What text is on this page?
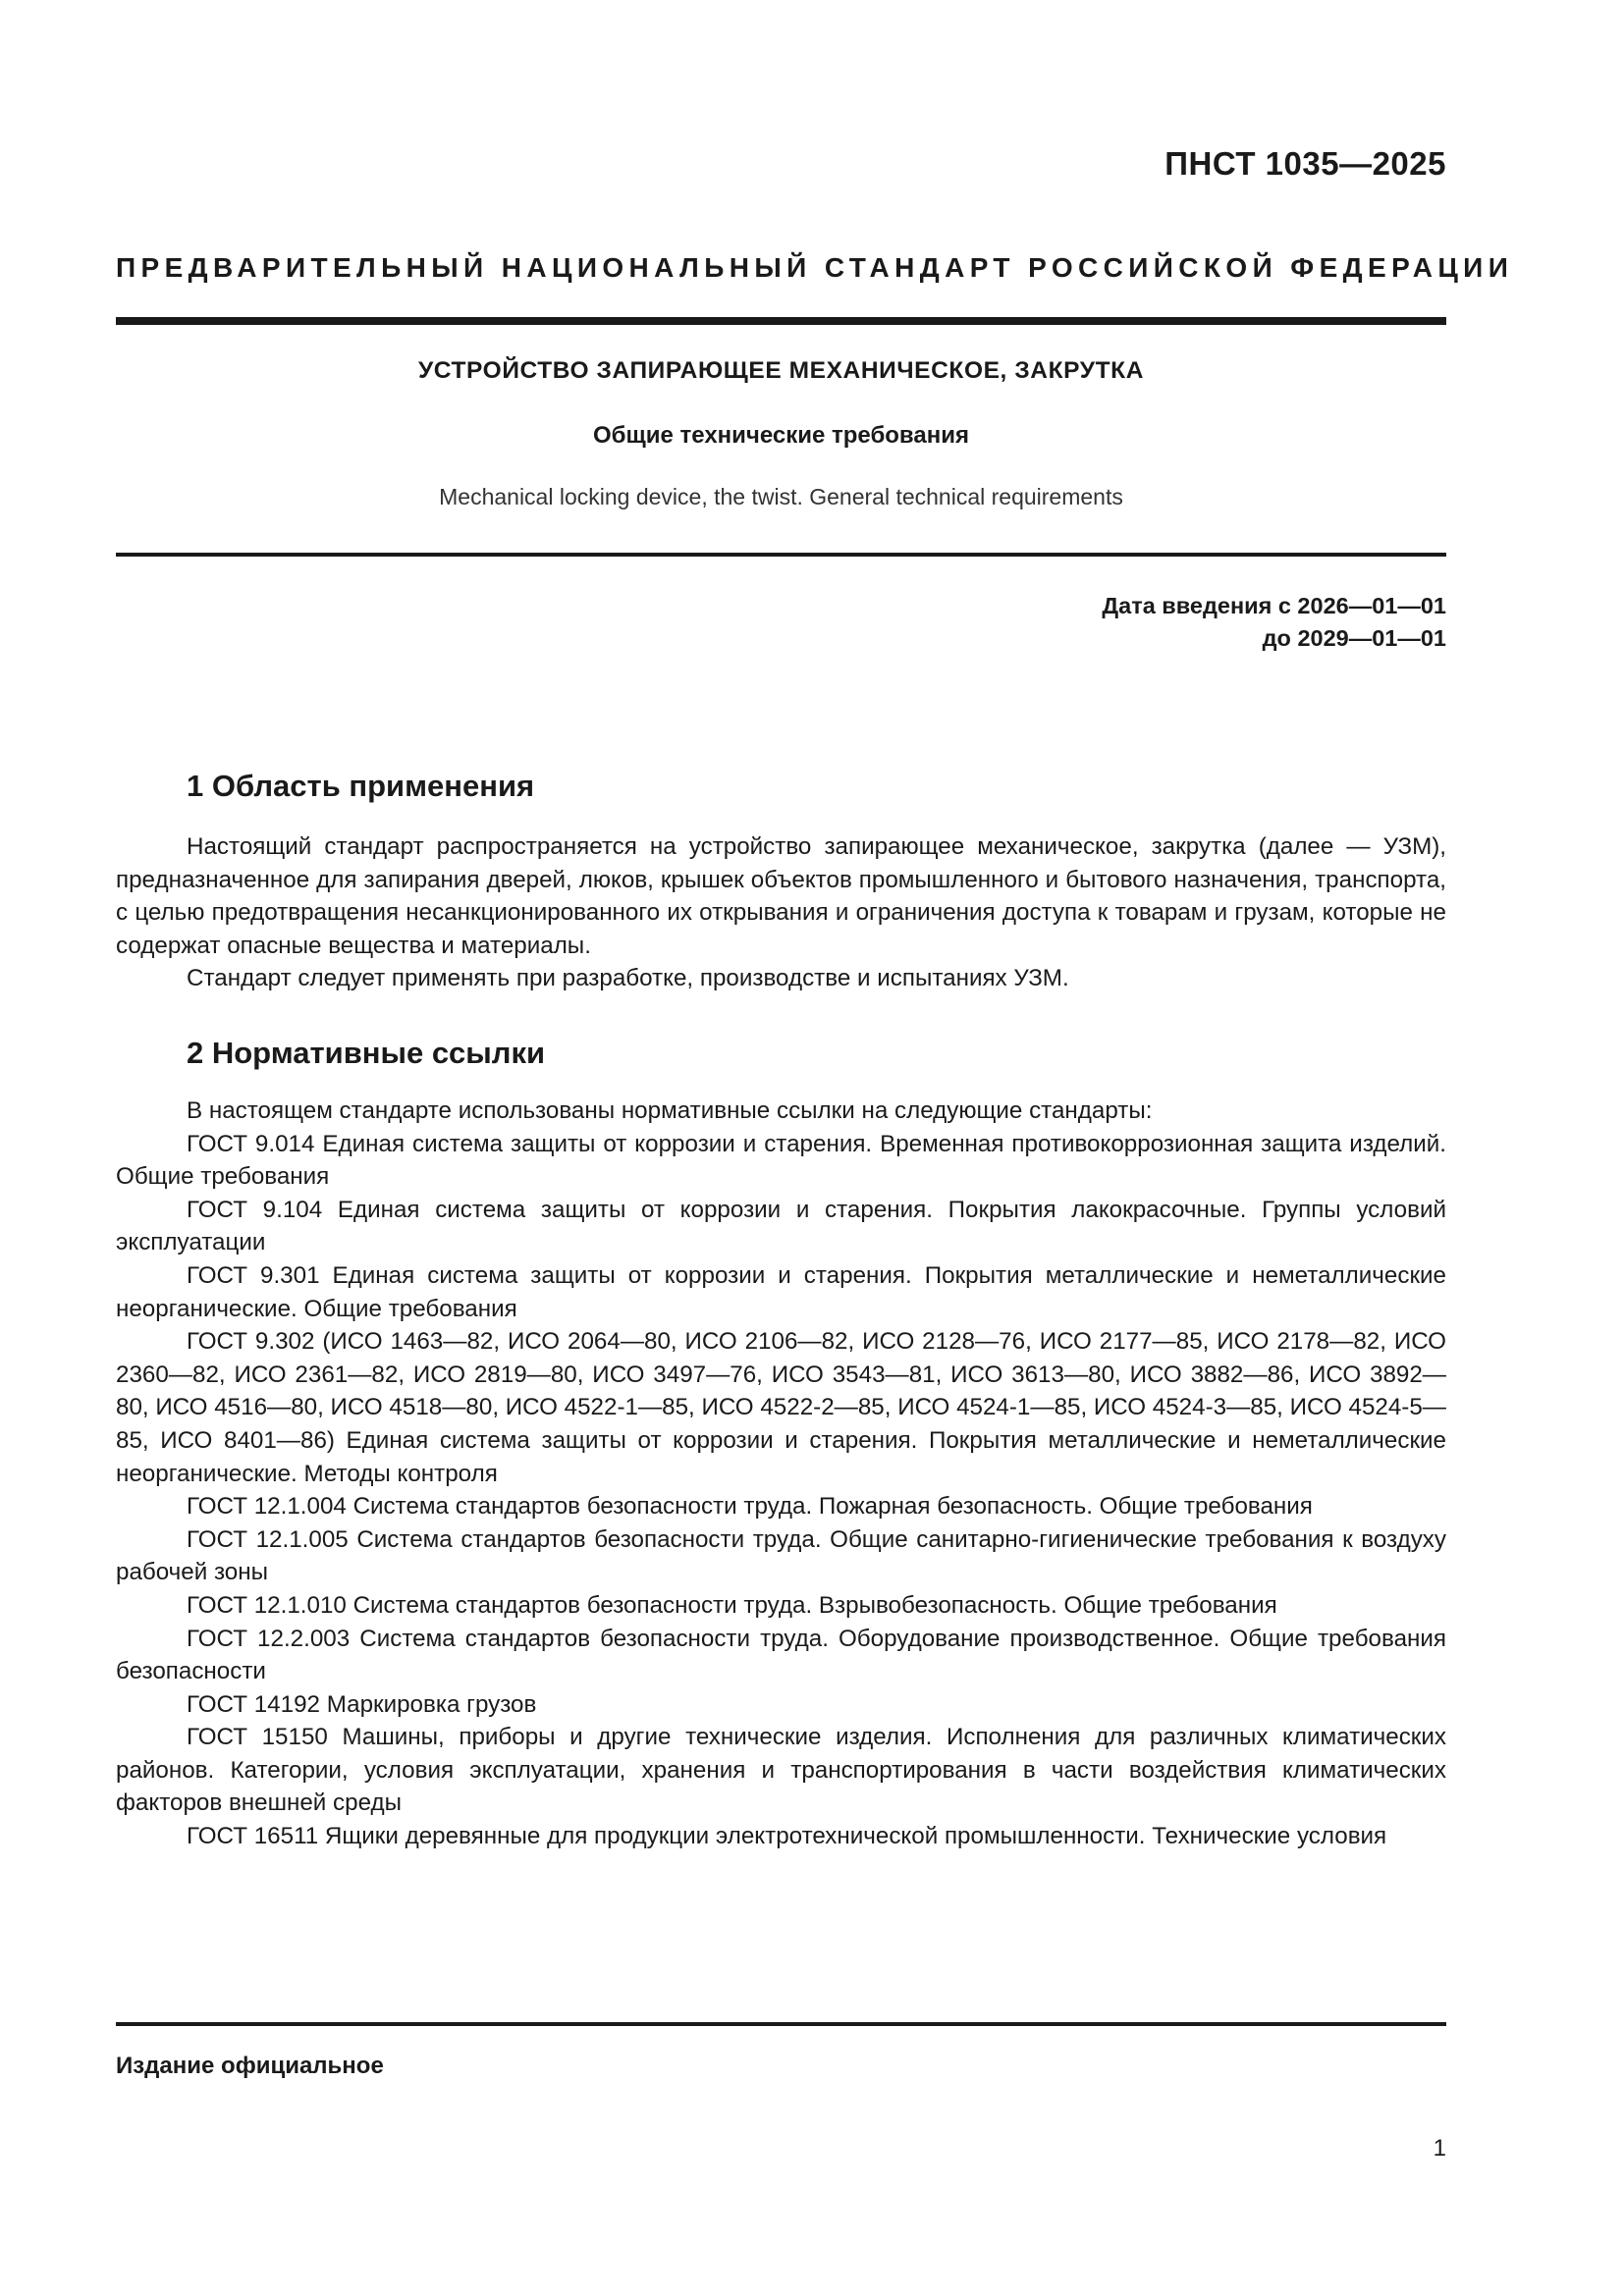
ПНСТ 1035—2025
ПРЕДВАРИТЕЛЬНЫЙ НАЦИОНАЛЬНЫЙ СТАНДАРТ РОССИЙСКОЙ ФЕДЕРАЦИИ
УСТРОЙСТВО ЗАПИРАЮЩЕЕ МЕХАНИЧЕСКОЕ, ЗАКРУТКА
Общие технические требования
Mechanical locking device, the twist. General technical requirements
Дата введения с 2026—01—01
до 2029—01—01
1 Область применения

Настоящий стандарт распространяется на устройство запирающее механическое, закрутка (далее — УЗМ), предназначенное для запирания дверей, люков, крышек объектов промышленного и бытового назначения, транспорта, с целью предотвращения несанкционированного их открывания и ограничения доступа к товарам и грузам, которые не содержат опасные вещества и материалы.

Стандарт следует применять при разработке, производстве и испытаниях УЗМ.

2 Нормативные ссылки

В настоящем стандарте использованы нормативные ссылки на следующие стандарты:

ГОСТ 9.014 Единая система защиты от коррозии и старения. Временная противокоррозионная защита изделий. Общие требования

ГОСТ 9.104 Единая система защиты от коррозии и старения. Покрытия лакокрасочные. Группы условий эксплуатации

ГОСТ 9.301 Единая система защиты от коррозии и старения. Покрытия металлические и неметаллические неорганические. Общие требования

ГОСТ 9.302 (ИСО 1463—82, ИСО 2064—80, ИСО 2106—82, ИСО 2128—76, ИСО 2177—85, ИСО 2178—82, ИСО 2360—82, ИСО 2361—82, ИСО 2819—80, ИСО 3497—76, ИСО 3543—81, ИСО 3613—80, ИСО 3882—86, ИСО 3892—80, ИСО 4516—80, ИСО 4518—80, ИСО 4522-1—85, ИСО 4522-2—85, ИСО 4524-1—85, ИСО 4524-3—85, ИСО 4524-5—85, ИСО 8401—86) Единая система защиты от коррозии и старения. Покрытия металлические и неметаллические неорганические. Методы контроля

ГОСТ 12.1.004 Система стандартов безопасности труда. Пожарная безопасность. Общие требования

ГОСТ 12.1.005 Система стандартов безопасности труда. Общие санитарно-гигиенические требования к воздуху рабочей зоны

ГОСТ 12.1.010 Система стандартов безопасности труда. Взрывобезопасность. Общие требования

ГОСТ 12.2.003 Система стандартов безопасности труда. Оборудование производственное. Общие требования безопасности

ГОСТ 14192 Маркировка грузов

ГОСТ 15150 Машины, приборы и другие технические изделия. Исполнения для различных климатических районов. Категории, условия эксплуатации, хранения и транспортирования в части воздействия климатических факторов внешней среды

ГОСТ 16511 Ящики деревянные для продукции электротехнической промышленности. Технические условия

Издание официальное
1
